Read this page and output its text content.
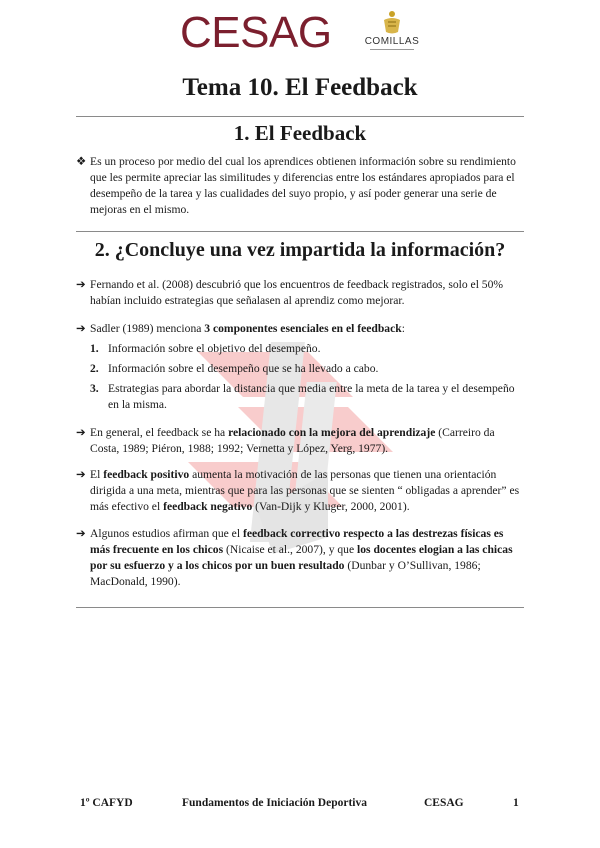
CESAG	COMILLAS
Tema 10. El Feedback
1. El Feedback
❖ Es un proceso por medio del cual los aprendices obtienen información sobre su rendimiento que les permite apreciar las similitudes y diferencias entre los estándares apropiados para el desempeño de la tarea y las cualidades del suyo propio, y así poder generar una serie de mejoras en el mismo.
2. ¿Concluye una vez impartida la información?
➔ Fernando et al. (2008) descubrió que los encuentros de feedback registrados, solo el 50% habían incluido estrategias que señalasen al aprendiz como mejorar.
➔ Sadler (1989) menciona 3 componentes esenciales en el feedback:
1. Información sobre el objetivo del desempeño.
2. Información sobre el desempeño que se ha llevado a cabo.
3. Estrategias para abordar la distancia que media entre la meta de la tarea y el desempeño en la misma.
➔ En general, el feedback se ha relacionado con la mejora del aprendizaje (Carreiro da Costa, 1989; Piéron, 1988; 1992; Vernetta y López, Yerg, 1977).
➔ El feedback positivo aumenta la motivación de las personas que tienen una orientación dirigida a una meta, mientras que para las personas que se sienten “ obligadas a aprender” es más efectivo el feedback negativo (Van-Dijk y Kluger, 2000, 2001).
➔ Algunos estudios afirman que el feedback correctivo respecto a las destrezas físicas es más frecuente en los chicos (Nicaise et al., 2007), y que los docentes elogian a las chicas por su esfuerzo y a los chicos por un buen resultado (Dunbar y O’Sullivan, 1986; MacDonald, 1990).
1º CAFYD	Fundamentos de Iniciación Deportiva	CESAG	1
